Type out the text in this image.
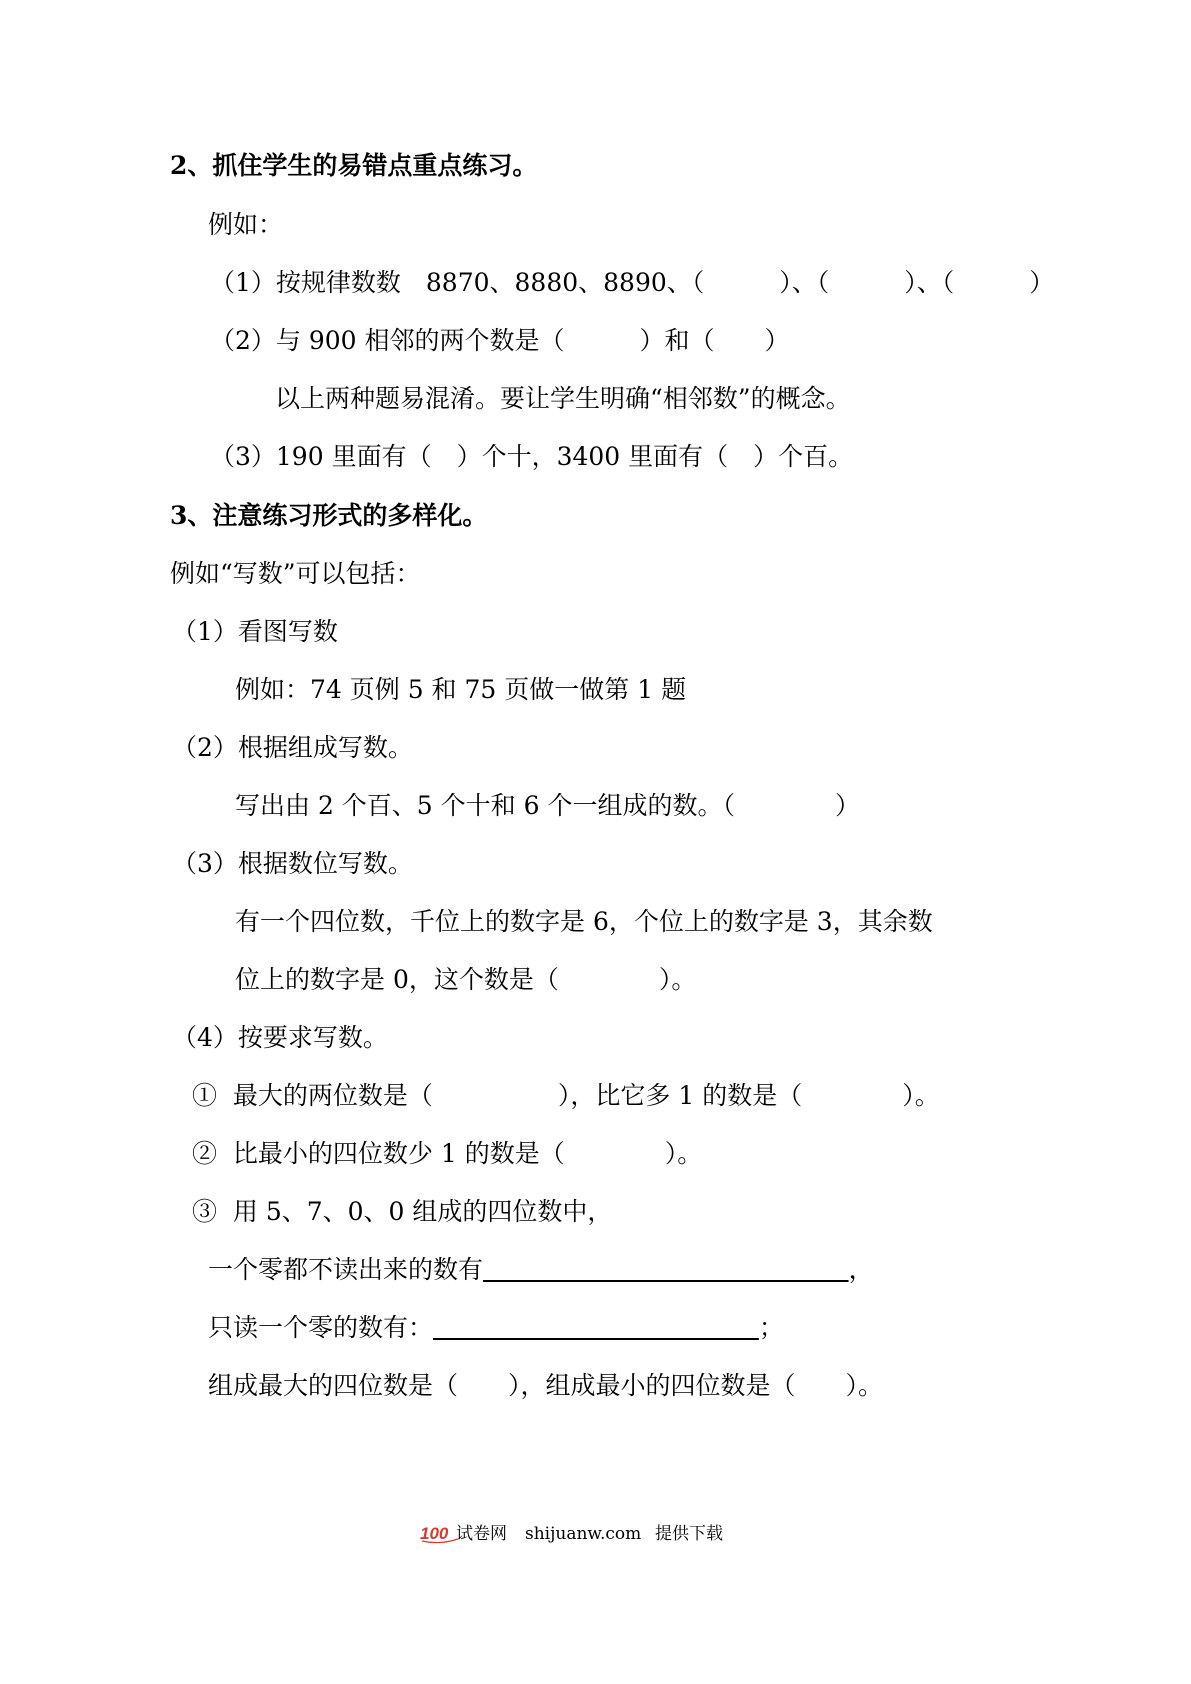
2、抓住学生的易错点重点练习。
例如：
（1）按规律数数　8870、8880、8890、（　　　）、（　　　）、（　　　）
（2）与 900 相邻的两个数是（　　　）和（　　）
以上两种题易混淆。要让学生明确“相邻数”的概念。
（3）190 里面有（　）个十，3400 里面有（　）个百。
3、注意练习形式的多样化。
例如“写数”可以包括：
（1）看图写数
例如：74 页例 5 和 75 页做一做第 1 题
（2）根据组成写数。
写出由 2 个百、5 个十和 6 个一组成的数。（　　　　）
（3）根据数位写数。
有一个四位数，千位上的数字是 6，个位上的数字是 3，其余数
位上的数字是 0，这个数是（　　　　）。
（4）按要求写数。
①  最大的两位数是（　　　　　），比它多 1 的数是（　　　　）。
②  比最小的四位数少 1 的数是（　　　　）。
③  用 5、7、0、0 组成的四位数中，
一个零都不读出来的数有	，
只读一个零的数有：	；
组成最大的四位数是（　　），组成最小的四位数是（　　）。
100 试卷网 shijuanw.com 提供下载
